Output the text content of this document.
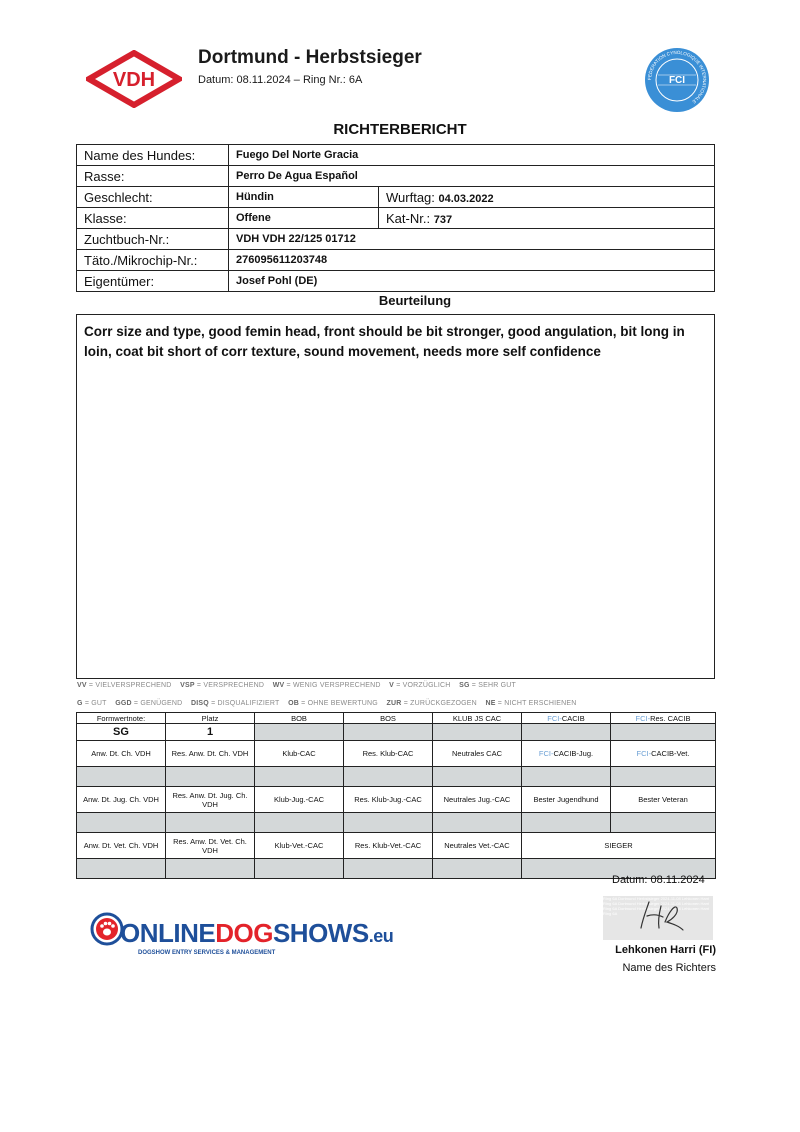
VDH
Dortmund - Herbstsieger
Datum: 08.11.2024 – Ring Nr.: 6A	FEDERATION CYNOLOGIQUE INTERNATIONALE
FCI
RICHTERBERICHT
Name des Hundes:	Fuego Del Norte Gracia	
Rasse:	Perro De Agua Español	
Geschlecht:	Hündin	Wurftag: 04.03.2022
Klasse:	Offene	Kat-Nr.: 737
Zuchtbuch-Nr.:	VDH VDH 22/125 01712	
Täto./Mikrochip-Nr.:	276095611203748	
Eigentümer:	Josef Pohl (DE)	
Beurteilung
Corr size and type, good femin head, front should be bit stronger, good angulation, bit long in loin, coat bit short of corr texture, sound movement, needs more self confidence
VV = VIELVERSPRECHEND VSP = VERSPRECHEND WV = WENIG VERSPRECHEND V = VORZÜGLICH SG = SEHR GUT
G = GUT GGD = GENÜGEND DISQ = DISQUALIFIZIERT OB = OHNE BEWERTUNG ZUR = ZURÜCKGEZOGEN NE = NICHT ERSCHIENEN
Formwertnote:	Platz	BOB	BOS	KLUB JS CAC	FCI-CACIB	FCI-Res. CACIB
SG	1					
Anw. Dt. Ch. VDH	Res. Anw. Dt. Ch. VDH	Klub-CAC	Res. Klub-CAC	Neutrales CAC	FCI-CACIB-Jug.	FCI-CACIB-Vet.

Anw. Dt. Jug. Ch. VDH	Res. Anw. Dt. Jug. Ch. VDH	Klub-Jug.-CAC	Res. Klub-Jug.-CAC	Neutrales Jug.-CAC	Bester Jugendhund	Bester Veteran

Anw. Dt. Vet. Ch. VDH	Res. Anw. Dt. Vet. Ch. VDH	Klub-Vet.-CAC	Res. Klub-Vet.-CAC	Neutrales Vet.-CAC	SIEGER	

Datum: 08.11.2024
Ring 6A Dortmund Herbstsieger 2024-11-08 Lehkonen Harri Ring 6A Dortmund Herbstsieger 2024-11-08 Lehkonen Harri Ring 6A Dortmund Herbstsieger 2024-11-08 Lehkonen Harri Ring 6A
Lehkonen Harri (FI)
Name des Richters
ONLINEDOGSHOWS.eu
DOGSHOW ENTRY SERVICES & MANAGEMENT
